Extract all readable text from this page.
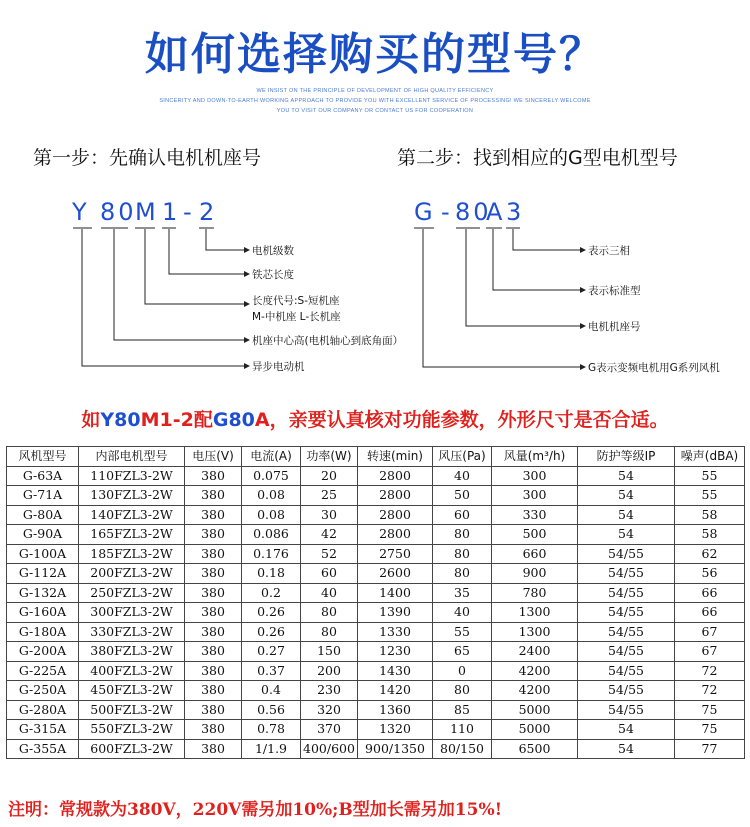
如何选择购买的型号？
WE INSIST ON THE PRINCIPLE OF DEVELOPMENT OF HIGH QUALITY EFFICIENCY
SINCERITY AND DOWN-TO-EARTH WORKING APPROACH TO PROVIDE YOU WITH EXCELLENT SERVICE OF PROCESSING! WE SINCERELY WELCOME
YOU TO VISIT OUR COMPANY OR CONTACT US FOR COOPERATION
第一步：先确认电机机座号	第二步：找到相应的G型电机型号
Y 80
M 1 - 2	G - 80
A 3
电机级数
铁芯长度
长度代号:S-短机座
M-中机座 L-长机座
机座中心高(电机轴心到底角面）
异步电动机
表示三相
表示标准型
电机机座号
G表示变频电机用G系列风机
如Y80M1-2配G80A，亲要认真核对功能参数，外形尺寸是否合适。
风机型号	内部电机型号	电压(V)	电流(A)	功率(W)	转速(min)	风压(Pa)	风量(m³/h)	防护等级IP	噪声(dBA)
G-63A	110FZL3-2W	380	0.075	20	2800	40	300	54	55
G-71A	130FZL3-2W	380	0.08	25	2800	50	300	54	55
G-80A	140FZL3-2W	380	0.08	30	2800	60	330	54	58
G-90A	165FZL3-2W	380	0.086	42	2800	80	500	54	58
G-100A	185FZL3-2W	380	0.176	52	2750	80	660	54/55	62
G-112A	200FZL3-2W	380	0.18	60	2600	80	900	54/55	56
G-132A	250FZL3-2W	380	0.2	40	1400	35	780	54/55	66
G-160A	300FZL3-2W	380	0.26	80	1390	40	1300	54/55	66
G-180A	330FZL3-2W	380	0.26	80	1330	55	1300	54/55	67
G-200A	380FZL3-2W	380	0.27	150	1230	65	2400	54/55	67
G-225A	400FZL3-2W	380	0.37	200	1430	0	4200	54/55	72
G-250A	450FZL3-2W	380	0.4	230	1420	80	4200	54/55	72
G-280A	500FZL3-2W	380	0.56	320	1360	85	5000	54/55	75
G-315A	550FZL3-2W	380	0.78	370	1320	110	5000	54	75
G-355A	600FZL3-2W	380	1/1.9	400/600	900/1350	80/150	6500	54	77
注明：常规款为380V，220V需另加10%;B型加长需另加15%!
